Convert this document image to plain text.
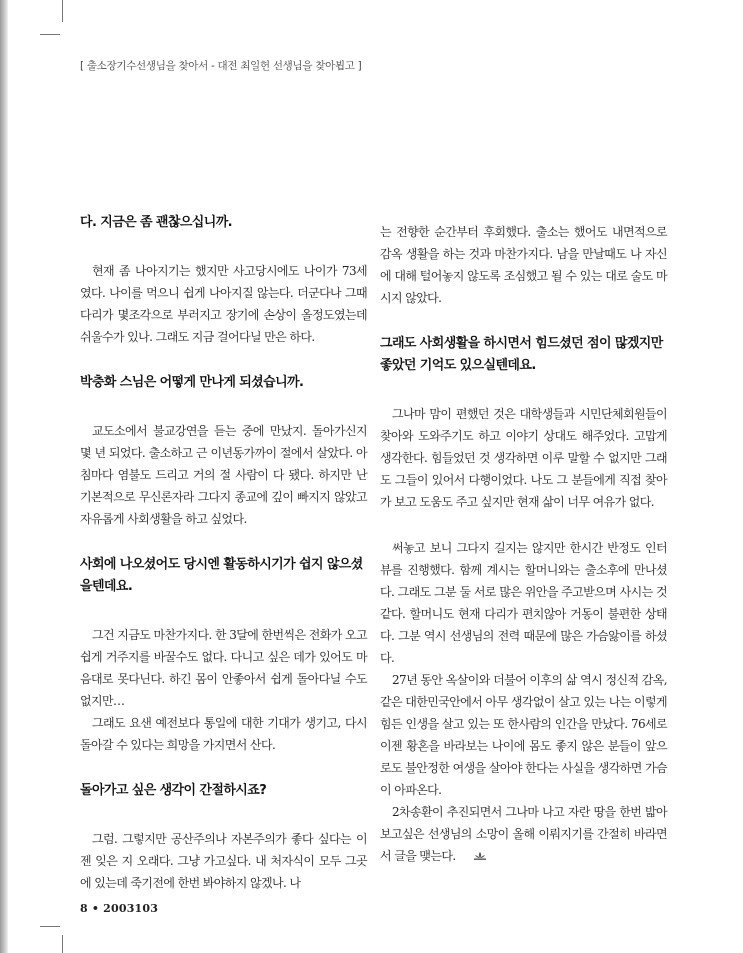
[ 출소장기수선생님을 찾아서 - 대전 최일헌 선생님을 찾아뵙고 ]

다. 지금은 좀 괜찮으십니까.

현재 좀 나아지기는 했지만 사고당시에도 나이가 73세였다. 나이를 먹으니 쉽게 나아지질 않는다. 더군다나 그때 다리가 몇조각으로 부러지고 장기에 손상이 올정도였는데 쉬울수가 있나. 그래도 지금 걸어다닐 만은 하다.

박충화 스님은 어떻게 만나게 되셨습니까.

교도소에서 불교강연을 듣는 중에 만났지. 돌아가신지 몇 년 되었다. 출소하고 근 이년동가까이 절에서 살았다. 아침마다 염불도 드리고 거의 절 사람이 다 됐다. 하지만 난 기본적으로 무신론자라 그다지 종교에 깊이 빠지지 않았고 자유롭게 사회생활을 하고 싶었다.

사회에 나오셨어도 당시엔 활동하시기가 쉽지 않으셨을텐데요.

그건 지금도 마찬가지다. 한 3달에 한번씩은 전화가 오고 쉽게 거주지를 바꿀수도 없다. 다니고 싶은 데가 있어도 마음대로 못다닌다. 하긴 몸이 안좋아서 쉽게 돌아다닐 수도없지만…

그래도 요샌 예전보다 통일에 대한 기대가 생기고, 다시 돌아갈 수 있다는 희망을 가지면서 산다.

돌아가고 싶은 생각이 간절하시죠?

그럼. 그렇지만 공산주의나 자본주의가 좋다 싶다는 이젠 잊은 지 오래다. 그냥 가고싶다. 내 처자식이 모두 그곳에 있는데 죽기전에 한번 봐야하지 않겠나. 나

는 전향한 순간부터 후회했다. 출소는 했어도 내면적으로 감옥 생활을 하는 것과 마찬가지다. 남을 만날때도 나 자신에 대해 털어놓지 않도록 조심했고 될 수 있는 대로 술도 마시지 않았다.

그래도 사회생활을 하시면서 힘드셨던 점이 많겠지만 좋았던 기억도 있으실텐데요.

그나마 맘이 편했던 것은 대학생들과 시민단체회원들이 찾아와 도와주기도 하고 이야기 상대도 해주었다. 고맙게 생각한다. 힘들었던 것 생각하면 이루 말할 수 없지만 그래도 그들이 있어서 다행이었다. 나도 그 분들에게 직접 찾아가 보고 도움도 주고 싶지만 현재 삶이 너무 여유가 없다.

써놓고 보니 그다지 길지는 않지만 한시간 반정도 인터뷰를 진행했다. 함께 계시는 할머니와는 출소후에 만나셨다. 그래도 그분 둘 서로 많은 위안을 주고받으며 사시는 것 같다. 할머니도 현재 다리가 편치않아 거동이 불편한 상태다. 그분 역시 선생님의 전력 때문에 많은 가슴앓이를 하셨다.

27년 동안 옥살이와 더불어 이후의 삶 역시 정신적 감옥, 같은 대한민국안에서 아무 생각없이 살고 있는 나는 이렇게 힘든 인생을 살고 있는 또 한사람의 인간을 만났다. 76세로 이젠 황혼을 바라보는 나이에 몸도 좋지 않은 분들이 앞으로도 불안정한 여생을 살아야 한다는 사실을 생각하면 가슴이 아파온다.

2차송환이 추진되면서 그나마 나고 자란 땅을 한번 밟아보고싶은 선생님의 소망이 올해 이뤄지기를 간절히 바라면서 글을 맺는다.

8 • 2003103
